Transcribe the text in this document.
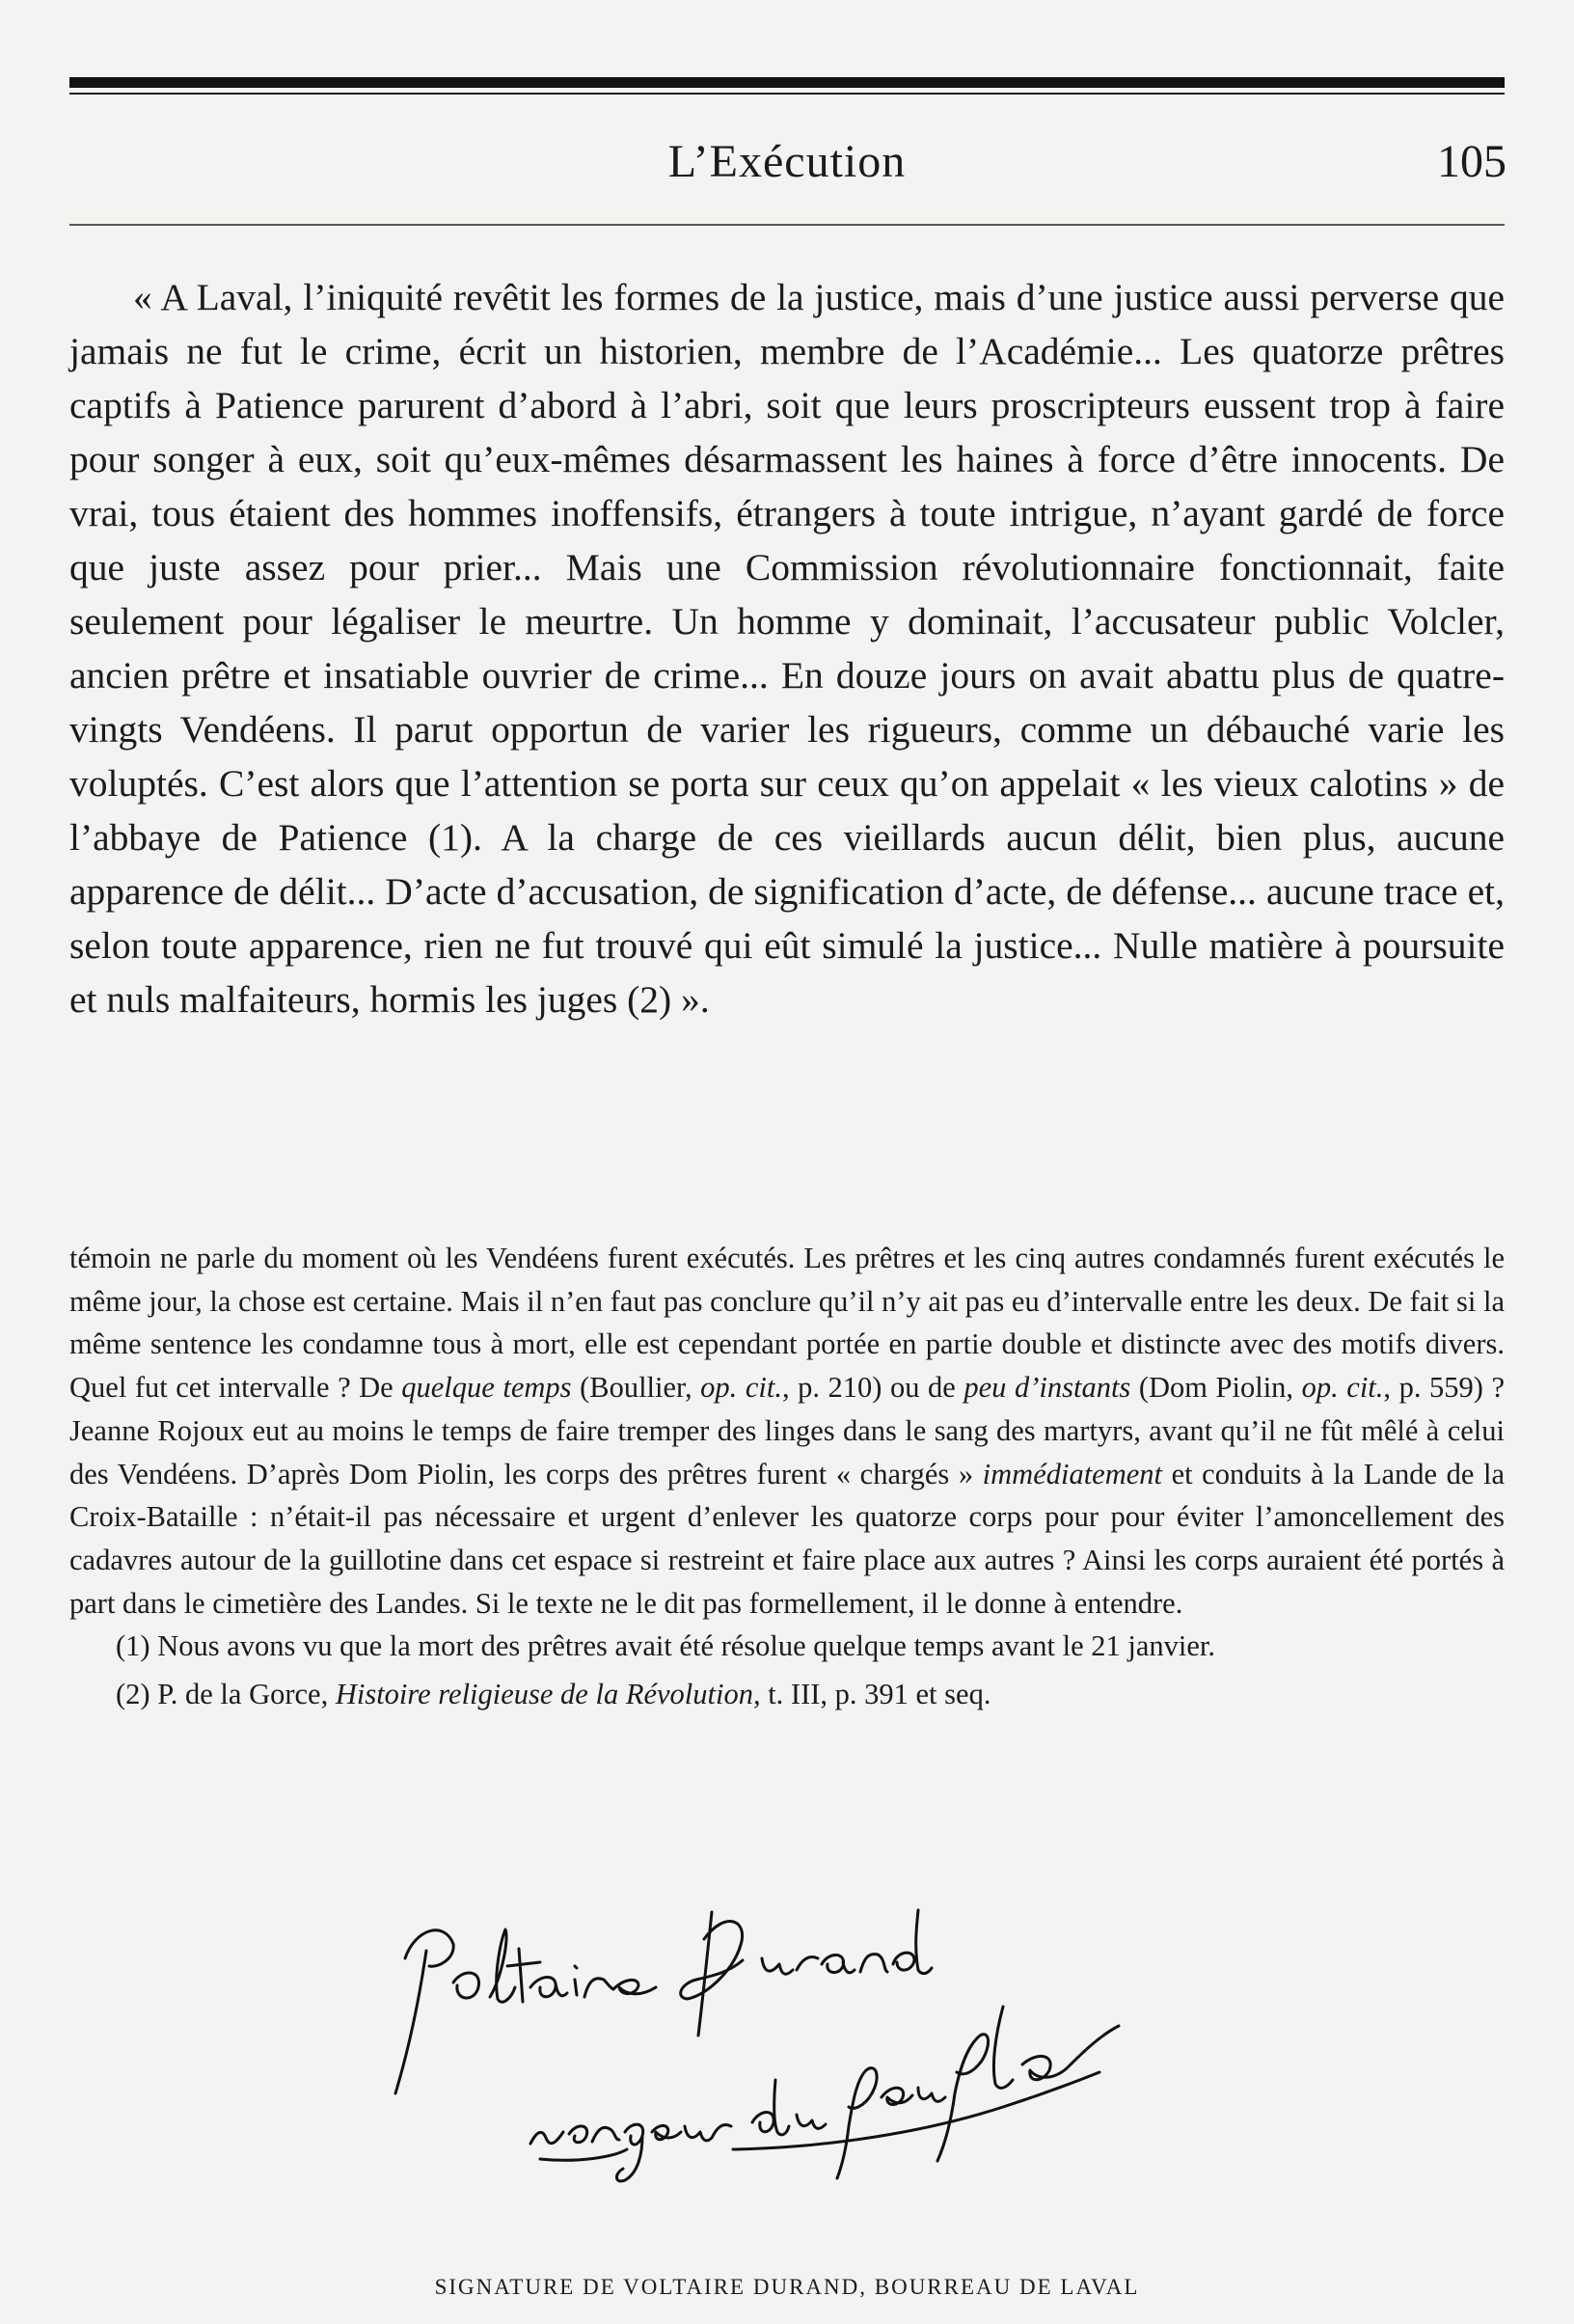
L’Exécution	105

« A Laval, l’iniquité revêtit les formes de la justice, mais d’une justice aussi perverse que jamais ne fut le crime, écrit un historien, membre de l’Académie... Les quatorze prêtres captifs à Patience parurent d’abord à l’abri, soit que leurs proscripteurs eussent trop à faire pour songer à eux, soit qu’eux-mêmes désarmassent les haines à force d’être innocents. De vrai, tous étaient des hommes inoffensifs, étrangers à toute intrigue, n’ayant gardé de force que juste assez pour prier... Mais une Commission révolutionnaire fonctionnait, faite seulement pour légaliser le meurtre. Un homme y dominait, l’accusateur public Volcler, ancien prêtre et insatiable ouvrier de crime... En douze jours on avait abattu plus de quatre-vingts Vendéens. Il parut opportun de varier les rigueurs, comme un débauché varie les voluptés. C’est alors que l’attention se porta sur ceux qu’on appelait « les vieux calotins » de l’abbaye de Patience (1). A la charge de ces vieillards aucun délit, bien plus, aucune apparence de délit... D’acte d’accusation, de signification d’acte, de défense... aucune trace et, selon toute apparence, rien ne fut trouvé qui eût simulé la justice... Nulle matière à poursuite et nuls malfaiteurs, hormis les juges (2) ».

témoin ne parle du moment où les Vendéens furent exécutés. Les prêtres et les cinq autres condamnés furent exécutés le même jour, la chose est certaine. Mais il n’en faut pas conclure qu’il n’y ait pas eu d’intervalle entre les deux. De fait si la même sentence les condamne tous à mort, elle est cependant portée en partie double et distincte avec des motifs divers. Quel fut cet intervalle ? De quelque temps (Boullier, op. cit., p. 210) ou de peu d’instants (Dom Piolin, op. cit., p. 559) ? Jeanne Rojoux eut au moins le temps de faire tremper des linges dans le sang des martyrs, avant qu’il ne fût mêlé à celui des Vendéens. D’après Dom Piolin, les corps des prêtres furent « chargés » immédiatement et conduits à la Lande de la Croix-Bataille : n’était-il pas nécessaire et urgent d’enlever les quatorze corps pour pour éviter l’amoncellement des cadavres autour de la guillotine dans cet espace si restreint et faire place aux autres ? Ainsi les corps auraient été portés à part dans le cimetière des Landes. Si le texte ne le dit pas formellement, il le donne à entendre.

(1) Nous avons vu que la mort des prêtres avait été résolue quelque temps avant le 21 janvier.

(2) P. de la Gorce, Histoire religieuse de la Révolution, t. III, p. 391 et seq.

SIGNATURE DE VOLTAIRE DURAND, BOURREAU DE LAVAL
